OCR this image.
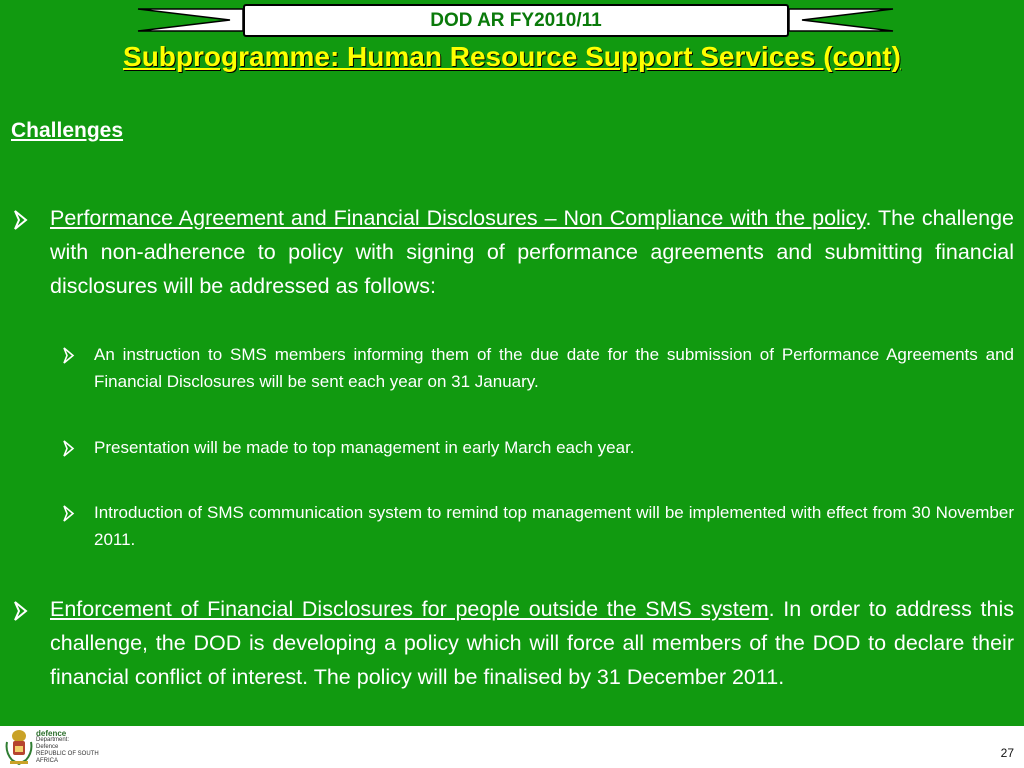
DOD AR FY2010/11
Subprogramme: Human Resource Support Services (cont)
Challenges
Performance Agreement and Financial Disclosures – Non Compliance with the policy. The challenge with non-adherence to policy with signing of performance agreements and submitting financial disclosures will be addressed as follows:
An instruction to SMS members informing them of the due date for the submission of Performance Agreements and Financial Disclosures will be sent each year on 31 January.
Presentation will be made to top management in early March each year.
Introduction of SMS communication system to remind top management will be implemented with effect from 30 November 2011.
Enforcement of Financial Disclosures for people outside the SMS system. In order to address this challenge, the DOD is developing a policy which will force all members of the DOD to declare their financial conflict of interest. The policy will be finalised by 31 December 2011.
defence
Department:
Defence
REPUBLIC OF SOUTH AFRICA
27
